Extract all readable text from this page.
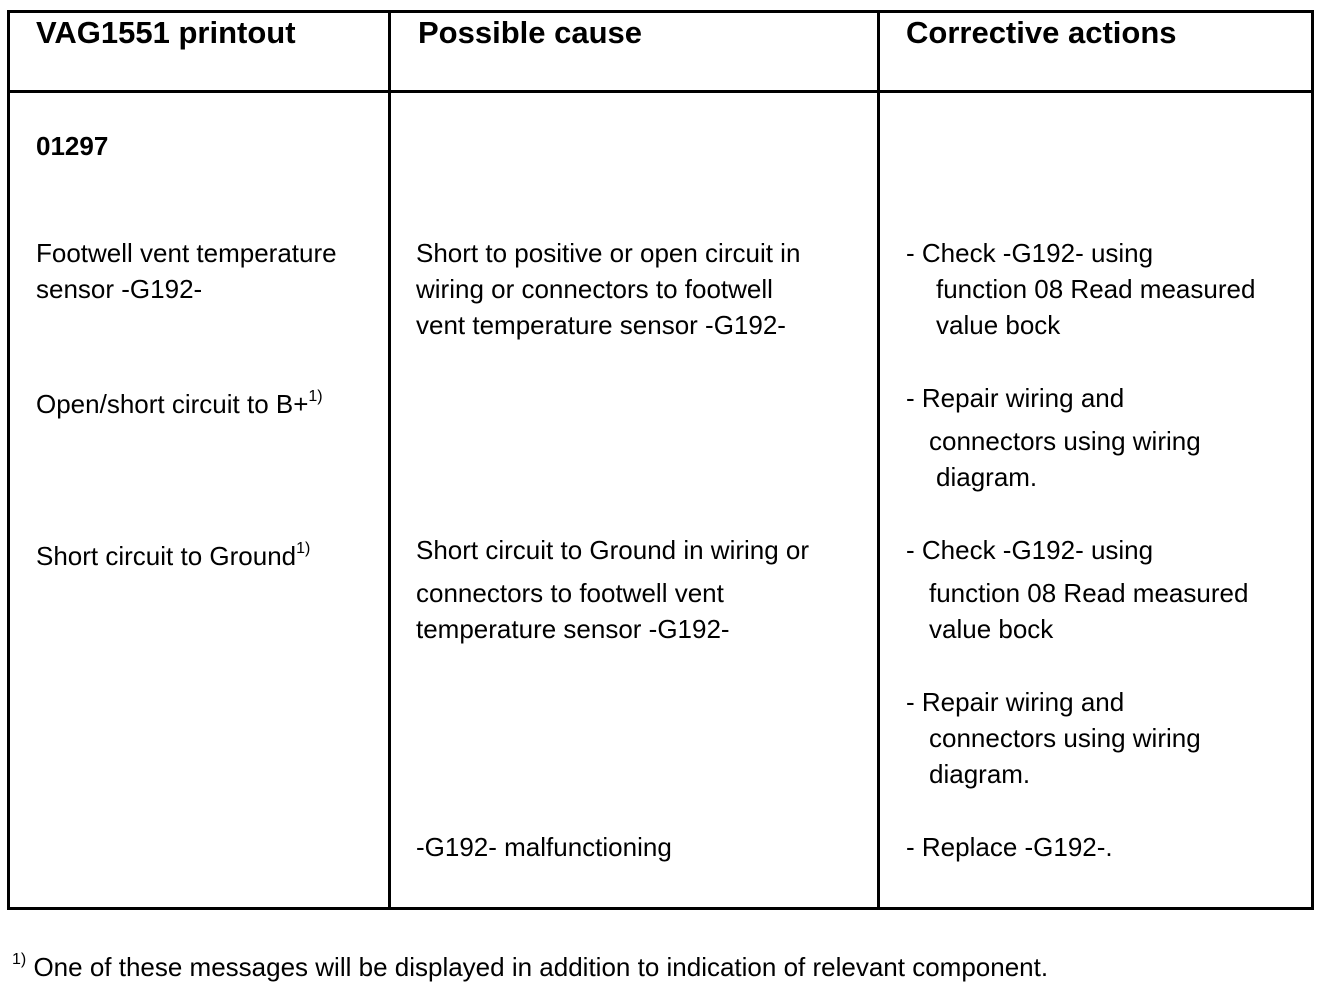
VAG1551 printout	Possible cause	Corrective actions
01297
Footwell vent temperature
sensor -G192-
Open/short circuit to B+$^{1)}$
Short circuit to Ground$^{1)}$
Short to positive or open circuit in
wiring or connectors to footwell
vent temperature sensor -G192-
Short circuit to Ground in wiring or
connectors to footwell vent
temperature sensor -G192-
-G192- malfunctioning
- Check -G192- using
function 08 Read measured
value bock
- Repair wiring and
connectors using wiring
diagram.
- Check -G192- using
function 08 Read measured
value bock
- Repair wiring and
connectors using wiring
diagram.
- Replace -G192-.
$^{1)}$ One of these messages will be displayed in addition to indication of relevant component.
